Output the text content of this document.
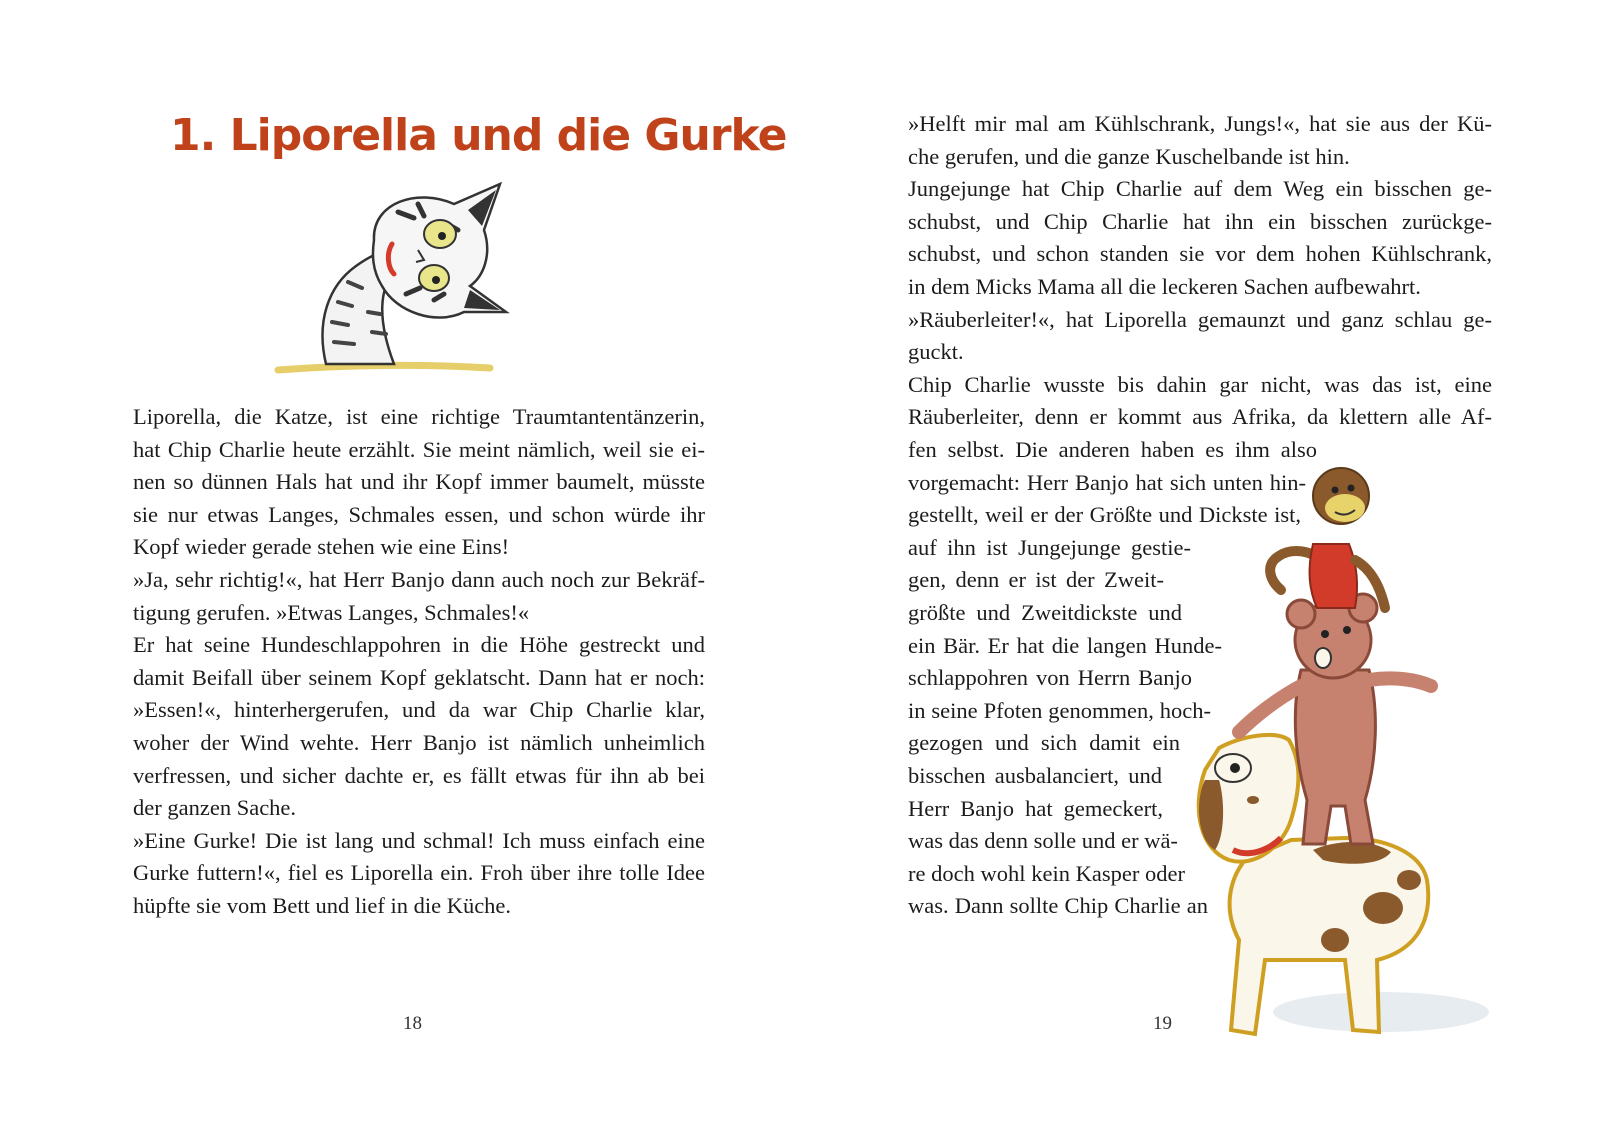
1. Liporella und die Gurke
Liporella, die Katze, ist eine richtige Traumtantentänzerin,
hat Chip Charlie heute erzählt. Sie meint nämlich, weil sie ei-
nen so dünnen Hals hat und ihr Kopf immer baumelt, müsste
sie nur etwas Langes, Schmales essen, und schon würde ihr
Kopf wieder gerade stehen wie eine Eins!
»Ja, sehr richtig!«, hat Herr Banjo dann auch noch zur Bekräf-
tigung gerufen. »Etwas Langes, Schmales!«
Er hat seine Hundeschlappohren in die Höhe gestreckt und
damit Beifall über seinem Kopf geklatscht. Dann hat er noch:
»Essen!«, hinterhergerufen, und da war Chip Charlie klar,
woher der Wind wehte. Herr Banjo ist nämlich unheimlich
verfressen, und sicher dachte er, es fällt etwas für ihn ab bei
der ganzen Sache.
»Eine Gurke! Die ist lang und schmal! Ich muss einfach eine
Gurke futtern!«, fiel es Liporella ein. Froh über ihre tolle Idee
hüpfte sie vom Bett und lief in die Küche.
18
»Helft mir mal am Kühlschrank, Jungs!«, hat sie aus der Kü-
che gerufen, und die ganze Kuschelbande ist hin.
Jungejunge hat Chip Charlie auf dem Weg ein bisschen ge-
schubst, und Chip Charlie hat ihn ein bisschen zurückge-
schubst, und schon standen sie vor dem hohen Kühlschrank,
in dem Micks Mama all die leckeren Sachen aufbewahrt.
»Räuberleiter!«, hat Liporella gemaunzt und ganz schlau ge-
guckt.
Chip Charlie wusste bis dahin gar nicht, was das ist, eine
Räuberleiter, denn er kommt aus Afrika, da klettern alle Af-
fen selbst. Die anderen haben es ihm also
vorgemacht: Herr Banjo hat sich unten hin-
gestellt, weil er der Größte und Dickste ist,
auf ihn ist Jungejunge gestie-
gen, denn er ist der Zweit-
größte und Zweitdickste und
ein Bär. Er hat die langen Hunde-
schlappohren von Herrn Banjo
in seine Pfoten genommen, hoch-
gezogen und sich damit ein
bisschen ausbalanciert, und
Herr Banjo hat gemeckert,
was das denn solle und er wä-
re doch wohl kein Kasper oder
was. Dann sollte Chip Charlie an
19
